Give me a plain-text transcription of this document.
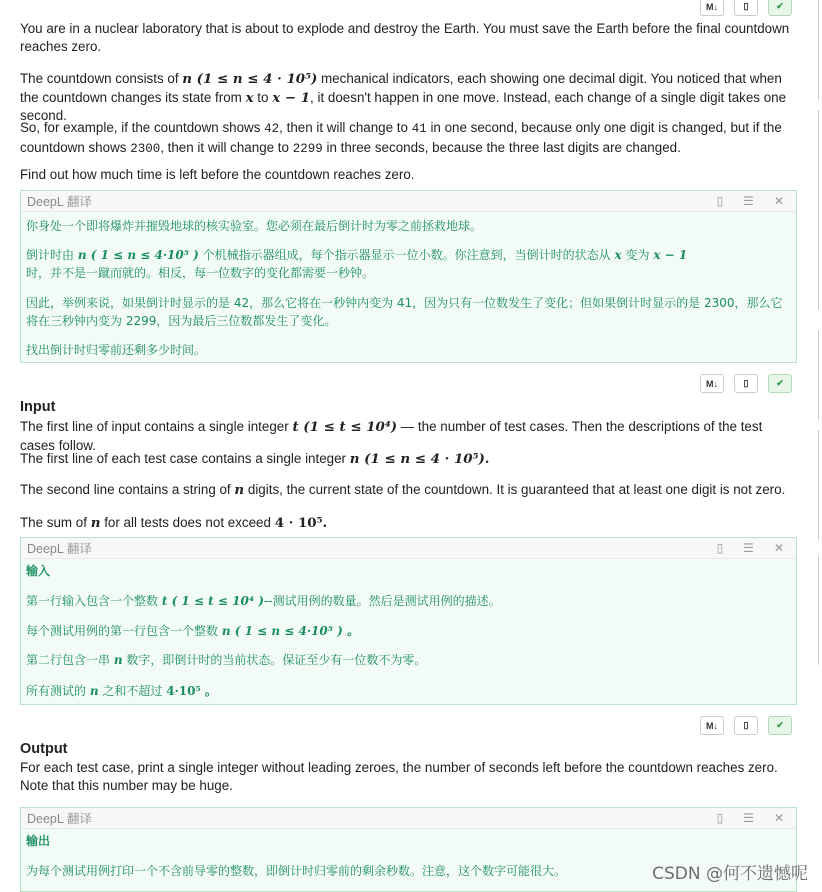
M↓	▯	✔

You are in a nuclear laboratory that is about to explode and destroy the Earth. You must save the Earth before the final countdown reaches zero.

The countdown consists of n (1 ≤ n ≤ 4 · 10⁵) mechanical indicators, each showing one decimal digit. You noticed that when the countdown changes its state from x to x − 1, it doesn't happen in one move. Instead, each change of a single digit takes one second.

So, for example, if the countdown shows 42, then it will change to 41 in one second, because only one digit is changed, but if the countdown shows 2300, then it will change to 2299 in three seconds, because the three last digits are changed.

Find out how much time is left before the countdown reaches zero.

DeepL 翻译	▯ ☰ ✕
你身处一个即将爆炸并摧毁地球的核实验室。您必须在最后倒计时为零之前拯救地球。
倒计时由 n ( 1 ≤ n ≤ 4·10⁵ ) 个机械指示器组成，每个指示器显示一位小数。你注意到，当倒计时的状态从 x 变为 x − 1
时，并不是一蹴而就的。相反，每一位数字的变化都需要一秒钟。
因此，举例来说，如果倒计时显示的是 42，那么它将在一秒钟内变为 41，因为只有一位数发生了变化；但如果倒计时显示的是 2300，那么它将在三秒钟内变为 2299，因为最后三位数都发生了变化。
找出倒计时归零前还剩多少时间。
M↓	▯	✔
Input

The first line of input contains a single integer t (1 ≤ t ≤ 10⁴) — the number of test cases. Then the descriptions of the test cases follow.

The first line of each test case contains a single integer n (1 ≤ n ≤ 4 · 10⁵).

The second line contains a string of n digits, the current state of the countdown. It is guaranteed that at least one digit is not zero.

The sum of n for all tests does not exceed 4 · 10⁵.

DeepL 翻译	▯ ☰ ✕
输入
第一行输入包含一个整数 t ( 1 ≤ t ≤ 10⁴ )--测试用例的数量。然后是测试用例的描述。
每个测试用例的第一行包含一个整数 n ( 1 ≤ n ≤ 4·10⁵ ) 。
第二行包含一串 n 数字，即倒计时的当前状态。保证至少有一位数不为零。
所有测试的 n 之和不超过 4·10⁵ 。
M↓	▯	✔
Output

For each test case, print a single integer without leading zeroes, the number of seconds left before the countdown reaches zero. Note that this number may be huge.

DeepL 翻译	▯ ☰ ✕
输出
为每个测试用例打印一个不含前导零的整数，即倒计时归零前的剩余秒数。注意，这个数字可能很大。	CSDN @何不遗憾呢
